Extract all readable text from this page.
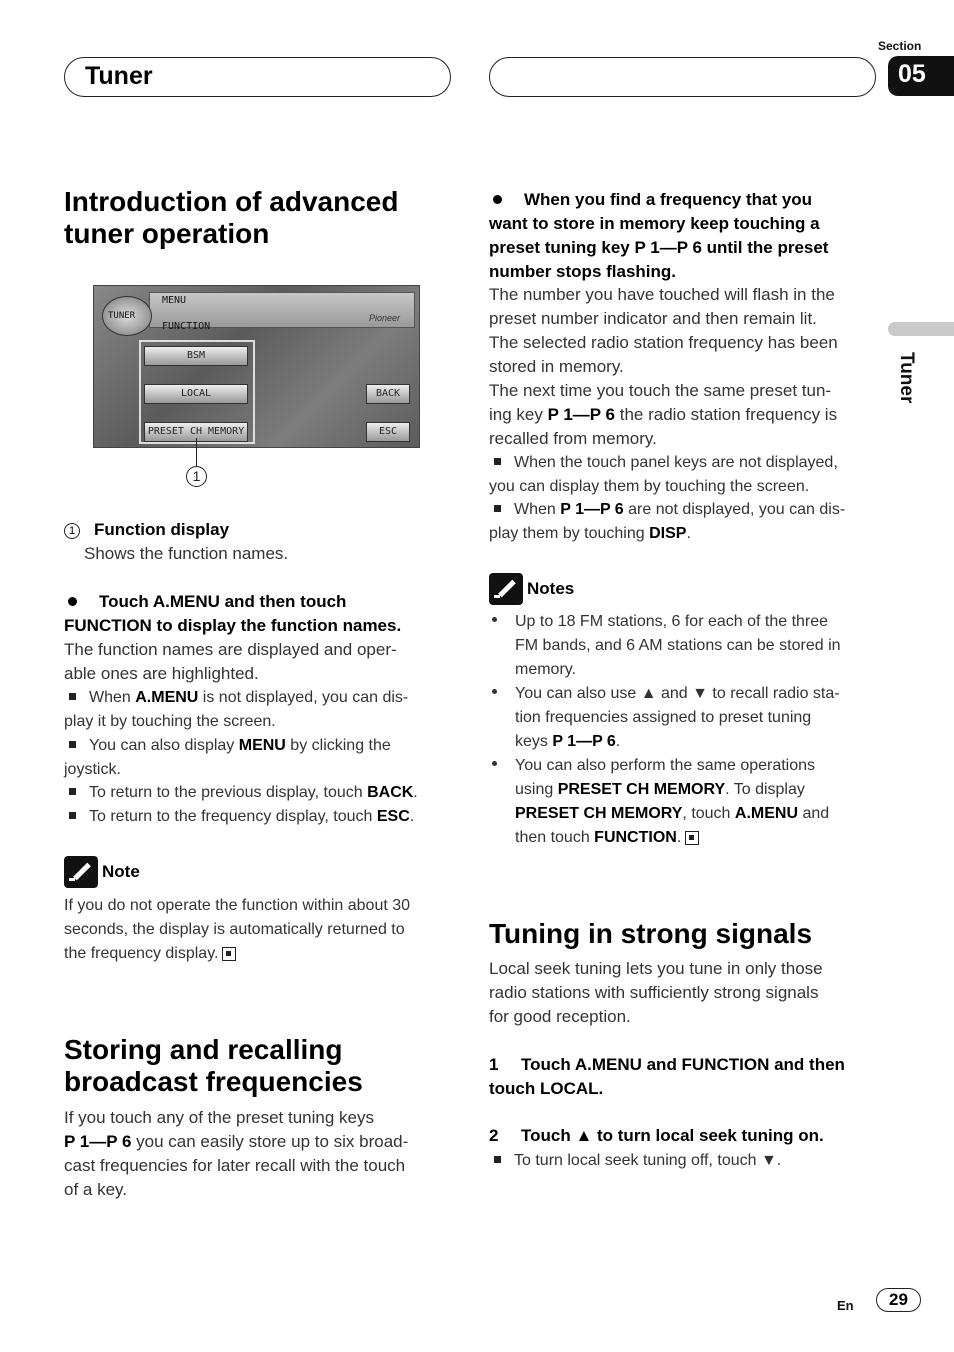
Section
05
Tuner
Tuner
Introduction of advanced
tuner operation
MENU
Pioneer
TUNER
FUNCTION
BSM
LOCAL
PRESET CH MEMORY
BACK
ESC
1
1 Function display
Shows the function names.
Touch A.MENU and then touch
FUNCTION to display the function names.
The function names are displayed and oper-
able ones are highlighted.
When A.MENU is not displayed, you can dis-
play it by touching the screen.
You can also display MENU by clicking the
joystick.
To return to the previous display, touch BACK.
To return to the frequency display, touch ESC.
Note
If you do not operate the function within about 30
seconds, the display is automatically returned to
the frequency display.
Storing and recalling
broadcast frequencies
If you touch any of the preset tuning keys
P 1—P 6 you can easily store up to six broad-
cast frequencies for later recall with the touch
of a key.
When you find a frequency that you
want to store in memory keep touching a
preset tuning key P 1—P 6 until the preset
number stops flashing.
The number you have touched will flash in the
preset number indicator and then remain lit.
The selected radio station frequency has been
stored in memory.
The next time you touch the same preset tun-
ing key P 1—P 6 the radio station frequency is
recalled from memory.
When the touch panel keys are not displayed,
you can display them by touching the screen.
When P 1—P 6 are not displayed, you can dis-
play them by touching DISP.
Notes
Up to 18 FM stations, 6 for each of the three
FM bands, and 6 AM stations can be stored in
memory.
You can also use ▲ and ▼ to recall radio sta-
tion frequencies assigned to preset tuning
keys P 1—P 6.
You can also perform the same operations
using PRESET CH MEMORY. To display
PRESET CH MEMORY, touch A.MENU and
then touch FUNCTION.
Tuning in strong signals
Local seek tuning lets you tune in only those
radio stations with sufficiently strong signals
for good reception.
1 Touch A.MENU and FUNCTION and then
touch LOCAL.
2 Touch ▲ to turn local seek tuning on.
To turn local seek tuning off, touch ▼.
En	29
